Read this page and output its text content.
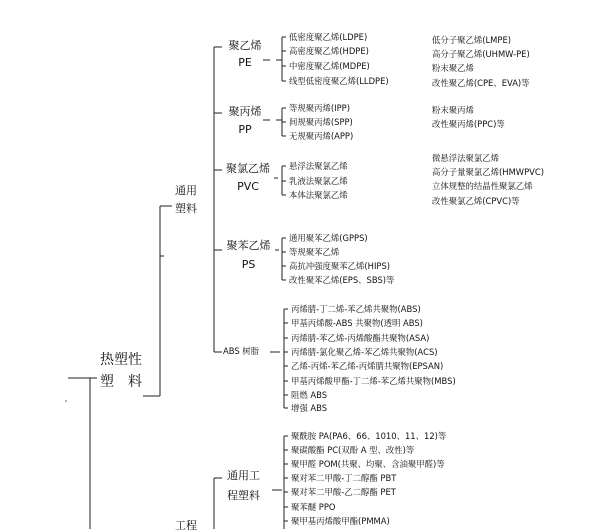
热塑性
塑　料
通用
塑料
工程
聚乙烯
PE
低密度聚乙烯(LDPE)
高密度聚乙烯(HDPE)
中密度聚乙烯(MDPE)
线型低密度聚乙烯(LLDPE)
低分子聚乙烯(LMPE)
高分子聚乙烯(UHMW-PE)
粉末聚乙烯
改性聚乙烯(CPE、EVA)等
聚丙烯
PP
等规聚丙烯(IPP)
间规聚丙烯(SPP)
无规聚丙烯(APP)
粉末聚丙烯
改性聚丙烯(PPC)等
聚氯乙烯
PVC
悬浮法聚氯乙烯
乳液法聚氯乙烯
本体法聚氯乙烯
微悬浮法聚氯乙烯
高分子量聚氯乙烯(HMWPVC)
立体规整的结晶性聚氯乙烯
改性聚氯乙烯(CPVC)等
聚苯乙烯
PS
通用聚苯乙烯(GPPS)
等规聚苯乙烯
高抗冲强度聚苯乙烯(HIPS)
改性聚苯乙烯(EPS、SBS)等
ABS 树脂
丙烯腈-丁二烯-苯乙烯共聚物(ABS)
甲基丙烯酸-ABS 共聚物(透明 ABS)
丙烯腈-苯乙烯-丙烯酸酯共聚物(ASA)
丙烯腈-氯化聚乙烯-苯乙烯共聚物(ACS)
乙烯-丙烯-苯乙烯-丙烯腈共聚物(EPSAN)
甲基丙烯酸甲酯-丁二烯-苯乙烯共聚物(MBS)
阻燃 ABS
增强 ABS
通用工
程塑料
聚酰胺 PA(PA6、66、1010、11、12)等
聚碳酸酯 PC(双酚 A 型、改性)等
聚甲醛 POM(共聚、均聚、含油聚甲醛)等
聚对苯二甲酸-丁二醇酯 PBT
聚对苯二甲酸-乙二醇酯 PET
聚苯醚 PPO
聚甲基丙烯酸甲酯(PMMA)
